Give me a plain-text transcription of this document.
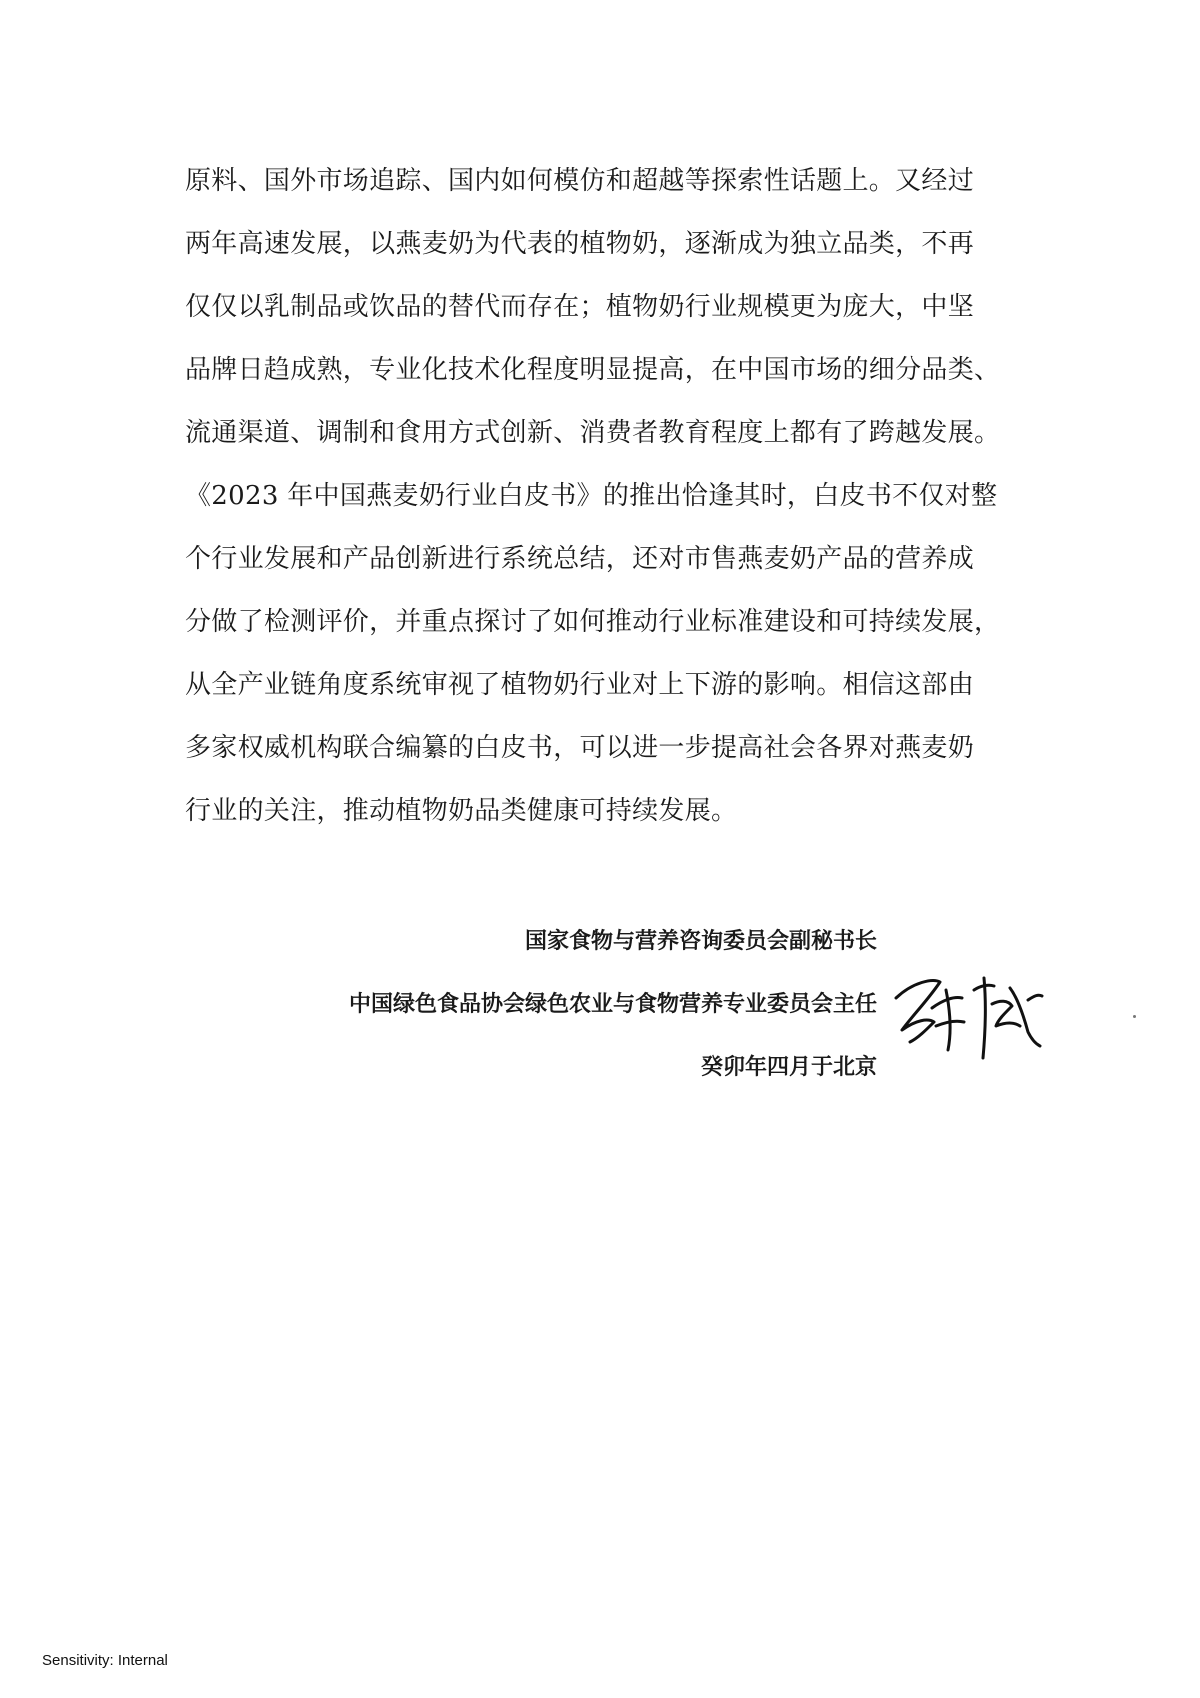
原料、国外市场追踪、国内如何模仿和超越等探索性话题上。又经过
两年高速发展，以燕麦奶为代表的植物奶，逐渐成为独立品类，不再
仅仅以乳制品或饮品的替代而存在；植物奶行业规模更为庞大，中坚
品牌日趋成熟，专业化技术化程度明显提高，在中国市场的细分品类、
流通渠道、调制和食用方式创新、消费者教育程度上都有了跨越发展。
《2023 年中国燕麦奶行业白皮书》的推出恰逢其时，白皮书不仅对整
个行业发展和产品创新进行系统总结，还对市售燕麦奶产品的营养成
分做了检测评价，并重点探讨了如何推动行业标准建设和可持续发展，
从全产业链角度系统审视了植物奶行业对上下游的影响。相信这部由
多家权威机构联合编纂的白皮书，可以进一步提高社会各界对燕麦奶
行业的关注，推动植物奶品类健康可持续发展。
国家食物与营养咨询委员会副秘书长
中国绿色食品协会绿色农业与食物营养专业委员会主任
癸卯年四月于北京
Sensitivity: Internal
